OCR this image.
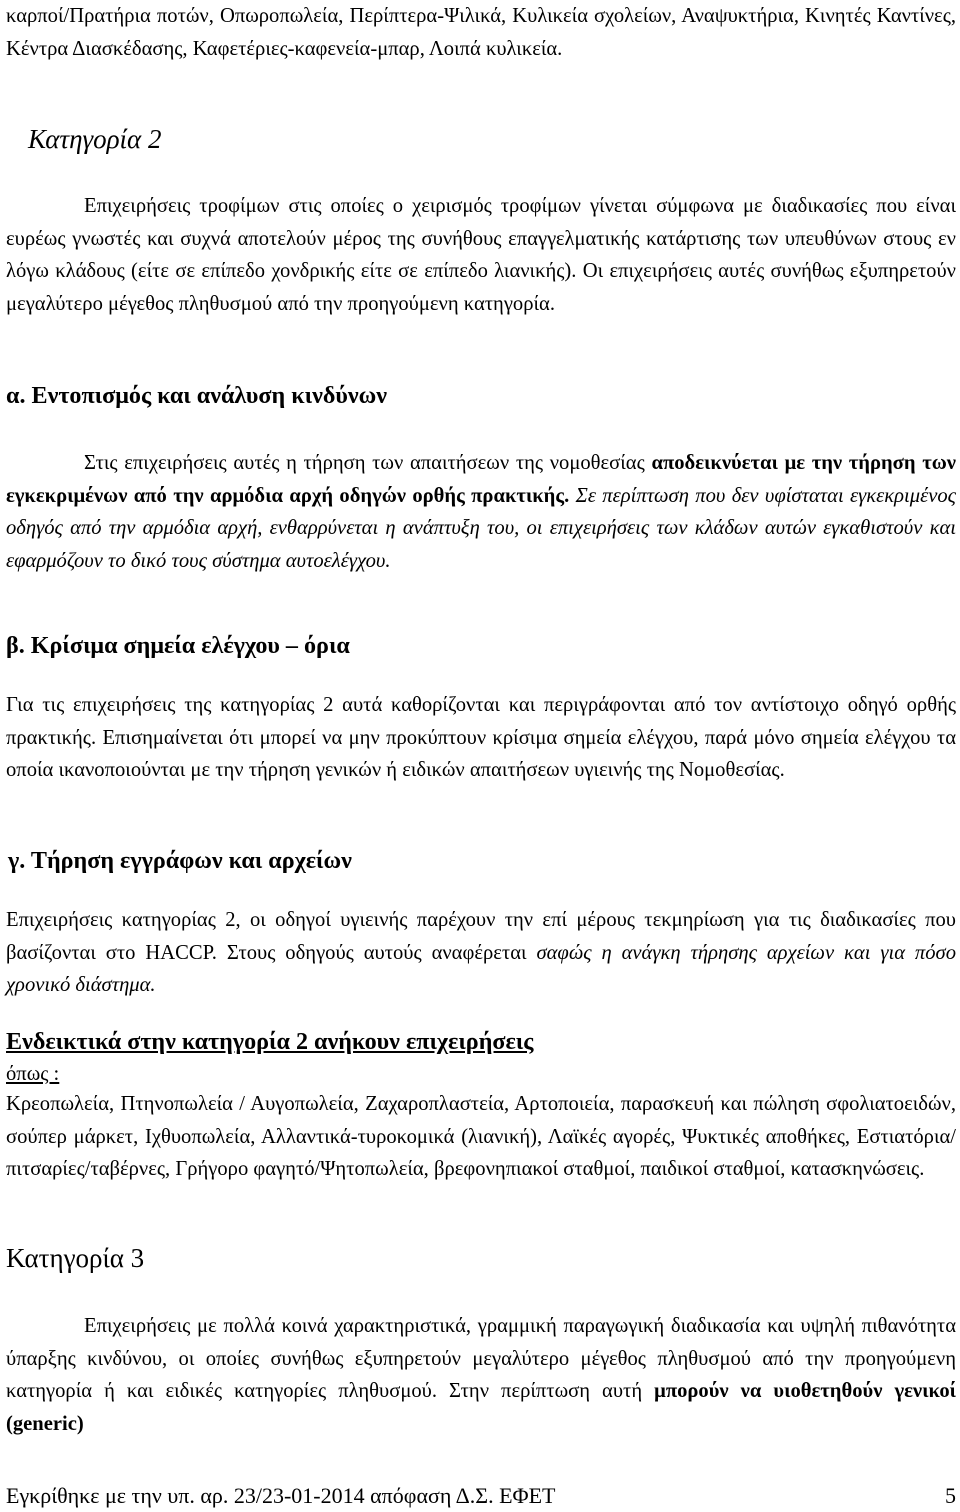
καρποί/Πρατήρια ποτών, Οπωροπωλεία, Περίπτερα-Ψιλικά, Κυλικεία σχολείων, Αναψυκτήρια, Κινητές Καντίνες, Κέντρα Διασκέδασης, Καφετέριες-καφενεία-μπαρ, Λοιπά κυλικεία.

Κατηγορία 2

Επιχειρήσεις τροφίμων στις οποίες ο χειρισμός τροφίμων γίνεται σύμφωνα με διαδικασίες που είναι ευρέως γνωστές και συχνά αποτελούν μέρος της συνήθους επαγγελματικής κατάρτισης των υπευθύνων στους εν λόγω κλάδους (είτε σε επίπεδο χονδρικής είτε σε επίπεδο λιανικής). Οι επιχειρήσεις αυτές συνήθως εξυπηρετούν μεγαλύτερο μέγεθος πληθυσμού από την προηγούμενη κατηγορία.

α. Εντοπισμός και ανάλυση κινδύνων

Στις επιχειρήσεις αυτές η τήρηση των απαιτήσεων της νομοθεσίας αποδεικνύεται με την τήρηση των εγκεκριμένων από την αρμόδια αρχή οδηγών ορθής πρακτικής. Σε περίπτωση που δεν υφίσταται εγκεκριμένος οδηγός από την αρμόδια αρχή, ενθαρρύνεται η ανάπτυξη του, οι επιχειρήσεις των κλάδων αυτών εγκαθιστούν και εφαρμόζουν το δικό τους σύστημα αυτοελέγχου.

β. Κρίσιμα σημεία ελέγχου – όρια

Για τις επιχειρήσεις της κατηγορίας 2 αυτά καθορίζονται και περιγράφονται από τον αντίστοιχο οδηγό ορθής πρακτικής. Επισημαίνεται ότι μπορεί να μην προκύπτουν κρίσιμα σημεία ελέγχου, παρά μόνο σημεία ελέγχου τα οποία ικανοποιούνται με την τήρηση γενικών ή ειδικών απαιτήσεων υγιεινής της Νομοθεσίας.

γ. Τήρηση εγγράφων και αρχείων

Επιχειρήσεις κατηγορίας 2, οι οδηγοί υγιεινής παρέχουν την επί μέρους τεκμηρίωση για τις διαδικασίες που βασίζονται στο HACCP. Στους οδηγούς αυτούς αναφέρεται σαφώς η ανάγκη τήρησης αρχείων και για πόσο χρονικό διάστημα.

Ενδεικτικά στην κατηγορία 2 ανήκουν επιχειρήσεις

όπως :

Κρεοπωλεία, Πτηνοπωλεία / Αυγοπωλεία, Ζαχαροπλαστεία, Αρτοποιεία, παρασκευή και πώληση σφολιατοειδών, σούπερ μάρκετ, Ιχθυοπωλεία, Αλλαντικά-τυροκομικά (λιανική), Λαϊκές αγορές, Ψυκτικές αποθήκες, Εστιατόρια/πιτσαρίες/ταβέρνες, Γρήγορο φαγητό/Ψητοπωλεία, βρεφονηπιακοί σταθμοί, παιδικοί σταθμοί, κατασκηνώσεις.

Κατηγορία 3

Επιχειρήσεις με πολλά κοινά χαρακτηριστικά, γραμμική παραγωγική διαδικασία και υψηλή πιθανότητα ύπαρξης κινδύνου, οι οποίες συνήθως εξυπηρετούν μεγαλύτερο μέγεθος πληθυσμού από την προηγούμενη κατηγορία ή και ειδικές κατηγορίες πληθυσμού. Στην περίπτωση αυτή μπορούν να υιοθετηθούν γενικοί (generic)

Εγκρίθηκε με την υπ. αρ. 23/23-01-2014 απόφαση Δ.Σ. ΕΦΕΤ	5
